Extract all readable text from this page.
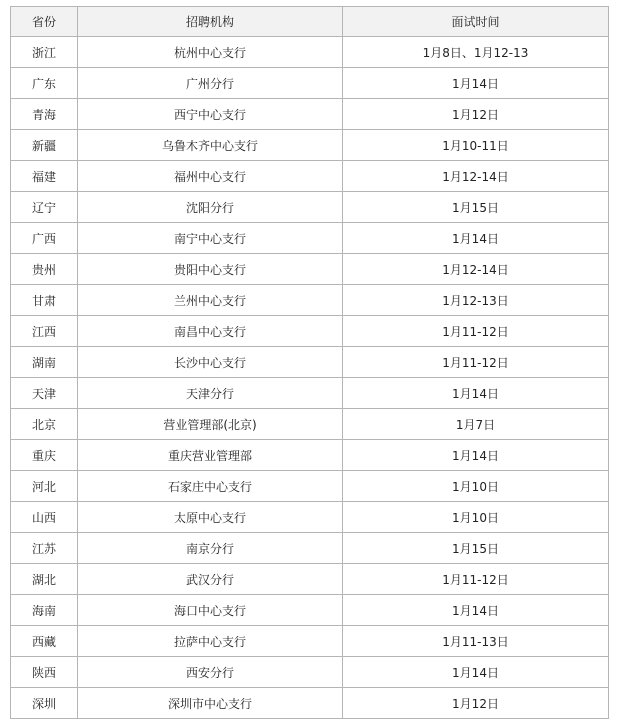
省份	招聘机构	面试时间
浙江	杭州中心支行	1月8日、1月12-13
广东	广州分行	1月14日
青海	西宁中心支行	1月12日
新疆	乌鲁木齐中心支行	1月10-11日
福建	福州中心支行	1月12-14日
辽宁	沈阳分行	1月15日
广西	南宁中心支行	1月14日
贵州	贵阳中心支行	1月12-14日
甘肃	兰州中心支行	1月12-13日
江西	南昌中心支行	1月11-12日
湖南	长沙中心支行	1月11-12日
天津	天津分行	1月14日
北京	营业管理部(北京)	1月7日
重庆	重庆营业管理部	1月14日
河北	石家庄中心支行	1月10日
山西	太原中心支行	1月10日
江苏	南京分行	1月15日
湖北	武汉分行	1月11-12日
海南	海口中心支行	1月14日
西藏	拉萨中心支行	1月11-13日
陕西	西安分行	1月14日
深圳	深圳市中心支行	1月12日
